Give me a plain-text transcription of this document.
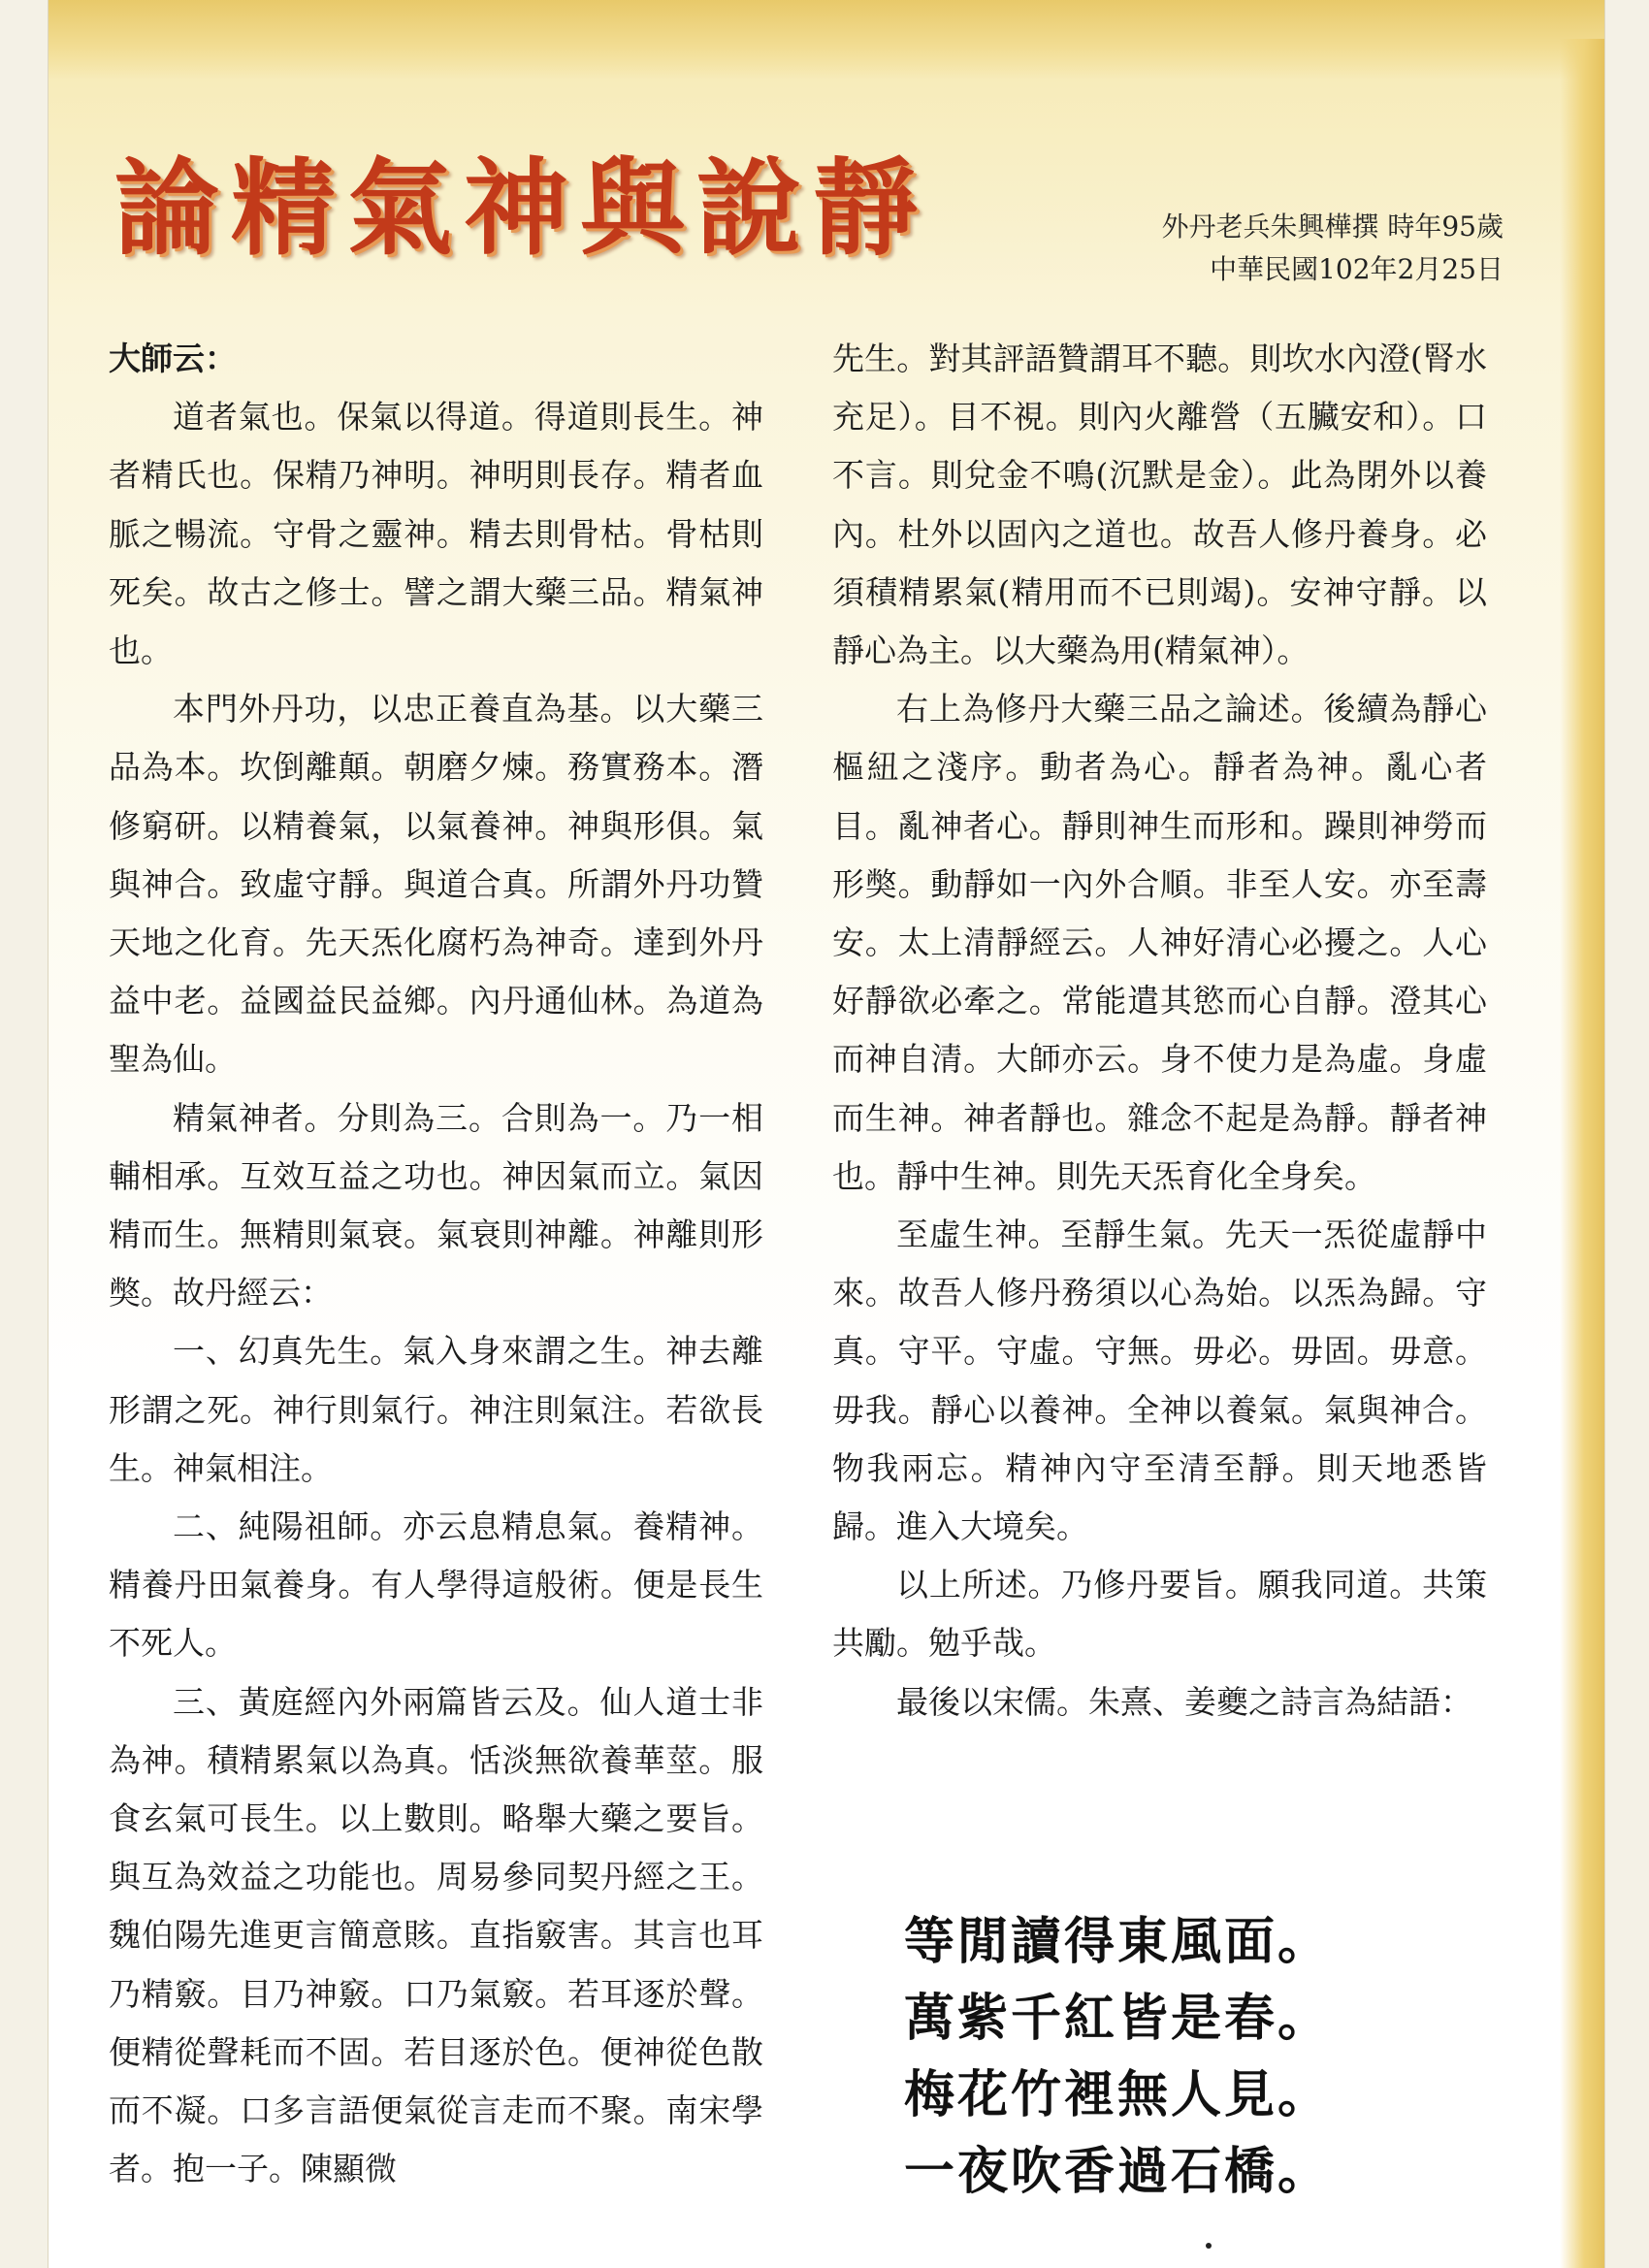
論精氣神與說靜	外丹老兵朱興樺撰 時年95歲
中華民國102年2月25日

大師云：

道者氣也。保氣以得道。得道則長生。神者精氏也。保精乃神明。神明則長存。精者血脈之暢流。守骨之靈神。精去則骨枯。骨枯則死矣。故古之修士。譬之謂大藥三品。精氣神也。

本門外丹功，以忠正養直為基。以大藥三品為本。坎倒離顛。朝磨夕煉。務實務本。潛修窮研。以精養氣，以氣養神。神與形俱。氣與神合。致虛守靜。與道合真。所謂外丹功贊天地之化育。先天炁化腐朽為神奇。達到外丹益中老。益國益民益鄉。內丹通仙林。為道為聖為仙。

精氣神者。分則為三。合則為一。乃一相輔相承。互效互益之功也。神因氣而立。氣因精而生。無精則氣衰。氣衰則神離。神離則形獘。故丹經云：

一、幻真先生。氣入身來謂之生。神去離形謂之死。神行則氣行。神注則氣注。若欲長生。神氣相注。

二、純陽祖師。亦云息精息氣。養精神。精養丹田氣養身。有人學得這般術。便是長生不死人。

三、黃庭經內外兩篇皆云及。仙人道士非為神。積精累氣以為真。恬淡無欲養華莖。服食玄氣可長生。以上數則。略舉大藥之要旨。與互為效益之功能也。周易參同契丹經之王。魏伯陽先進更言簡意賅。直指竅害。其言也耳乃精竅。目乃神竅。口乃氣竅。若耳逐於聲。便精從聲耗而不固。若目逐於色。便神從色散而不凝。口多言語便氣從言走而不聚。南宋學者。抱一子。陳顯微

先生。對其評語贊謂耳不聽。則坎水內澄(腎水充足）。目不視。則內火離營（五臟安和）。口不言。則兌金不鳴(沉默是金）。此為閉外以養內。杜外以固內之道也。故吾人修丹養身。必須積精累氣(精用而不已則竭)。安神守靜。以靜心為主。以大藥為用(精氣神）。

右上為修丹大藥三品之論述。後續為靜心樞紐之淺序。動者為心。靜者為神。亂心者目。亂神者心。靜則神生而形和。躁則神勞而形獘。動靜如一內外合順。非至人安。亦至壽安。太上清靜經云。人神好清心必擾之。人心好靜欲必牽之。常能遣其慾而心自靜。澄其心而神自清。大師亦云。身不使力是為虛。身虛而生神。神者靜也。雜念不起是為靜。靜者神也。靜中生神。則先天炁育化全身矣。

至虛生神。至靜生氣。先天一炁從虛靜中來。故吾人修丹務須以心為始。以炁為歸。守真。守平。守虛。守無。毋必。毋固。毋意。毋我。靜心以養神。全神以養氣。氣與神合。物我兩忘。精神內守至清至靜。則天地悉皆歸。進入大境矣。

以上所述。乃修丹要旨。願我同道。共策共勵。勉乎哉。

最後以宋儒。朱熹、姜夔之詩言為結語：

等閒讀得東風面。
萬紫千紅皆是春。
梅花竹裡無人見。
一夜吹香過石橋。
